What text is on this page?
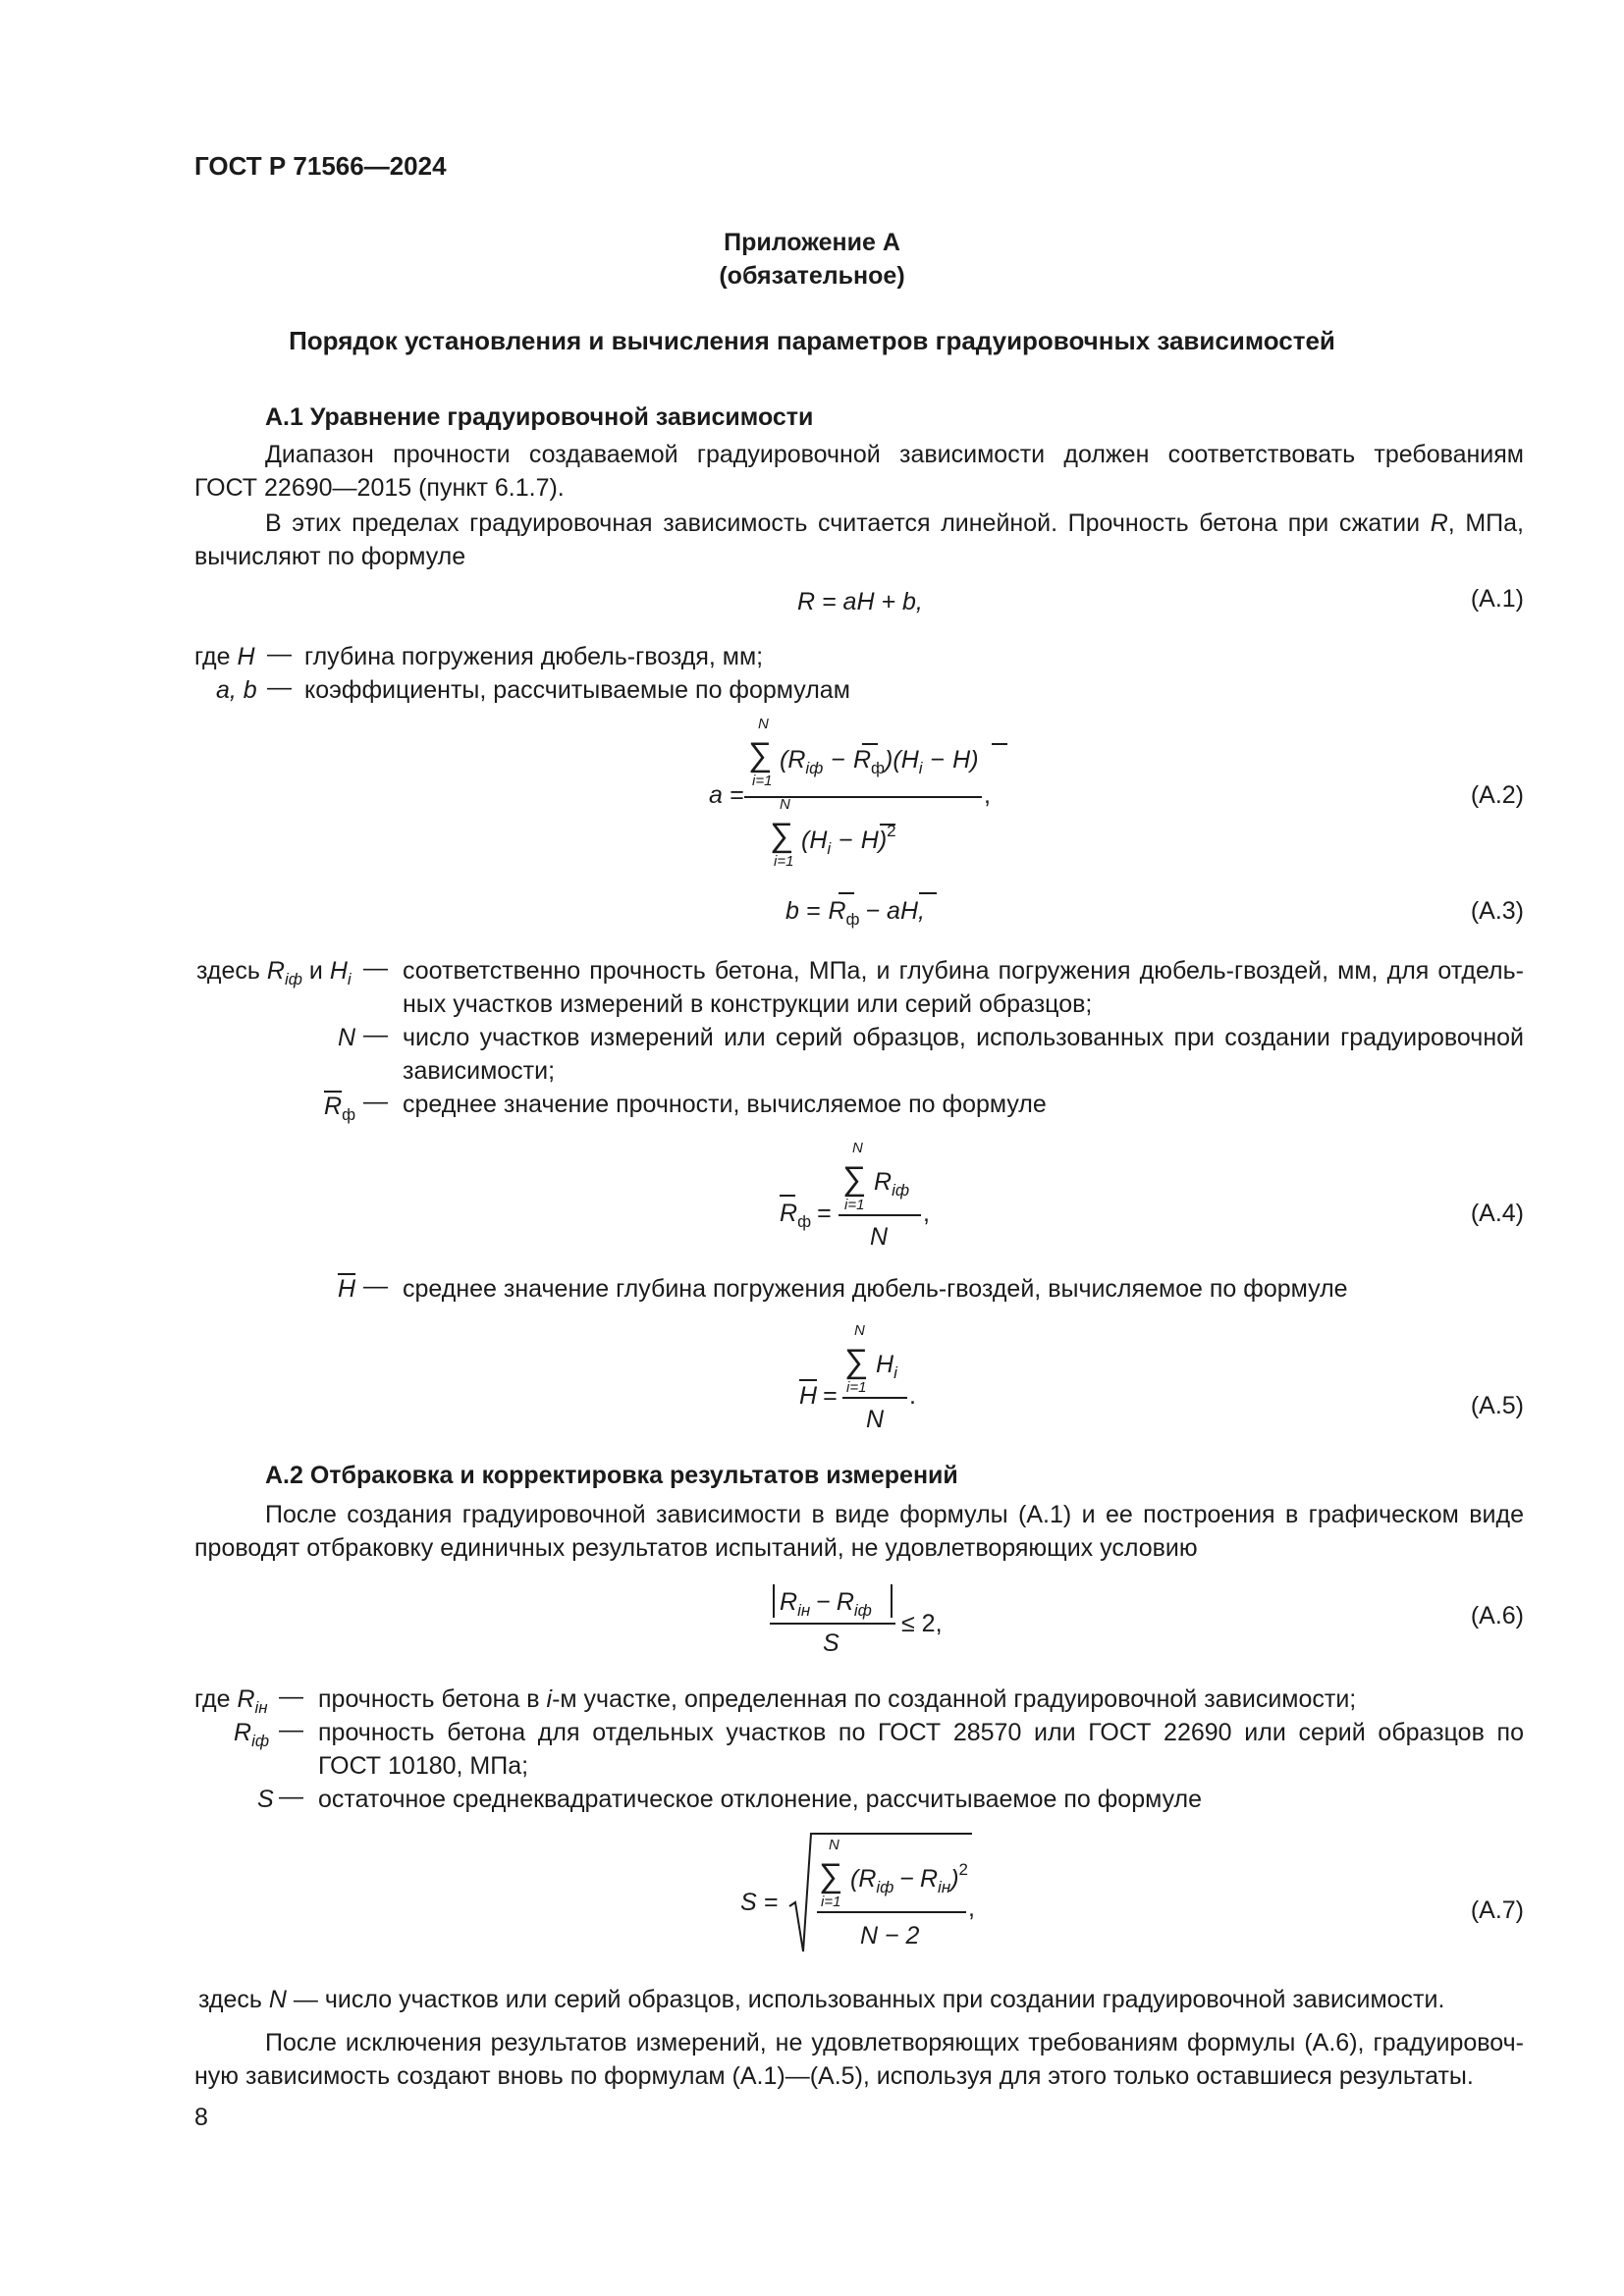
ГОСТ Р 71566—2024
Приложение А
(обязательное)
Порядок установления и вычисления параметров градуировочных зависимостей
А.1 Уравнение градуировочной зависимости
Диапазон прочности создаваемой градуировочной зависимости должен соответствовать требованиям
ГОСТ 22690—2015 (пункт 6.1.7).
В этих пределах градуировочная зависимость считается линейной. Прочность бетона при сжатии R, МПа,
вычисляют по формуле
R = aH + b,	(А.1)
где H — глубина погружения дюбель-гвоздя, мм;
a, b — коэффициенты, рассчитываемые по формулам
a =
N
∑
i=1
$(R_{iф} - R_ф)(H_i - H)$
,
N
∑
i=1
$(H_i - H)^2$
(А.2)
$b = R_ф$ − aH,	(А.3)
здесь $R_{iф}$ и $H_i$ — соответственно прочность бетона, МПа, и глубина погружения дюбель-гвоздей, мм, для отдель-
ных участков измерений в конструкции или серий образцов;
N — число участков измерений или серий образцов, использованных при создании градуировочной
зависимости;
$\overline{R}_ф$ — среднее значение прочности, вычисляемое по формуле
$R_ф$ =
N
∑
i=1
$R_{iф}$
,
N
(А.4)
$\overline{H}$ — среднее значение глубина погружения дюбель-гвоздей, вычисляемое по формуле
H =
N
∑
i=1
$H_i$
.
N	(А.5)
А.2 Отбраковка и корректировка результатов измерений
После создания градуировочной зависимости в виде формулы (А.1) и ее построения в графическом виде
проводят отбраковку единичных результатов испытаний, не удовлетворяющих условию
$R_{iн} - R_{iф}$
S
≤ 2,	(А.6)
где $R_{iн}$ — прочность бетона в i-м участке, определенная по созданной градуировочной зависимости;
$R_{iф}$ — прочность бетона для отдельных участков по ГОСТ 28570 или ГОСТ 22690 или серий образцов по
ГОСТ 10180, МПа;
S — остаточное среднеквадратическое отклонение, рассчитываемое по формуле
S =
N
∑
i=1
$(R_{iф} - R_{iн})^2$
,
N − 2
(А.7)
здесь N — число участков или серий образцов, использованных при создании градуировочной зависимости.
После исключения результатов измерений, не удовлетворяющих требованиям формулы (А.6), градуировоч-
ную зависимость создают вновь по формулам (А.1)—(А.5), используя для этого только оставшиеся результаты.
8
